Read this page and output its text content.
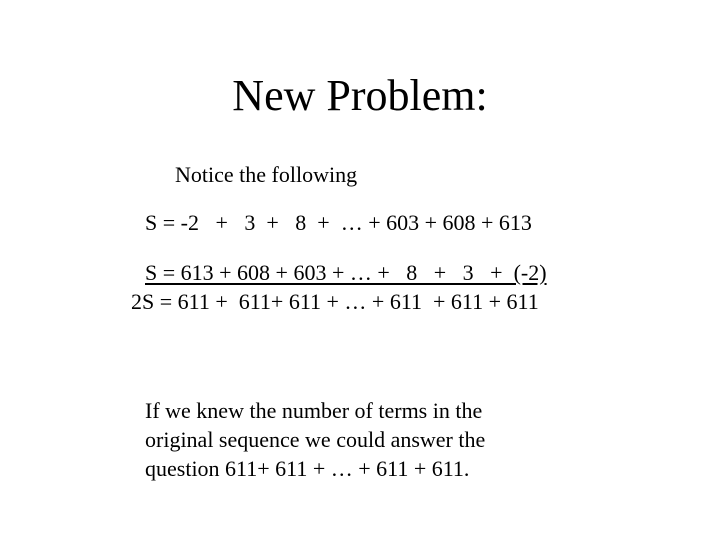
New Problem:
Notice the following
S = -2   +   3  +   8  +  … + 603 + 608 + 613
S = 613 + 608 + 603 + … +   8   +   3   +  (-2)
2S = 611 +  611+ 611 + … + 611  + 611 + 611

If we knew the number of terms in the
original sequence we could answer the
question 611+ 611 + … + 611 + 611.
